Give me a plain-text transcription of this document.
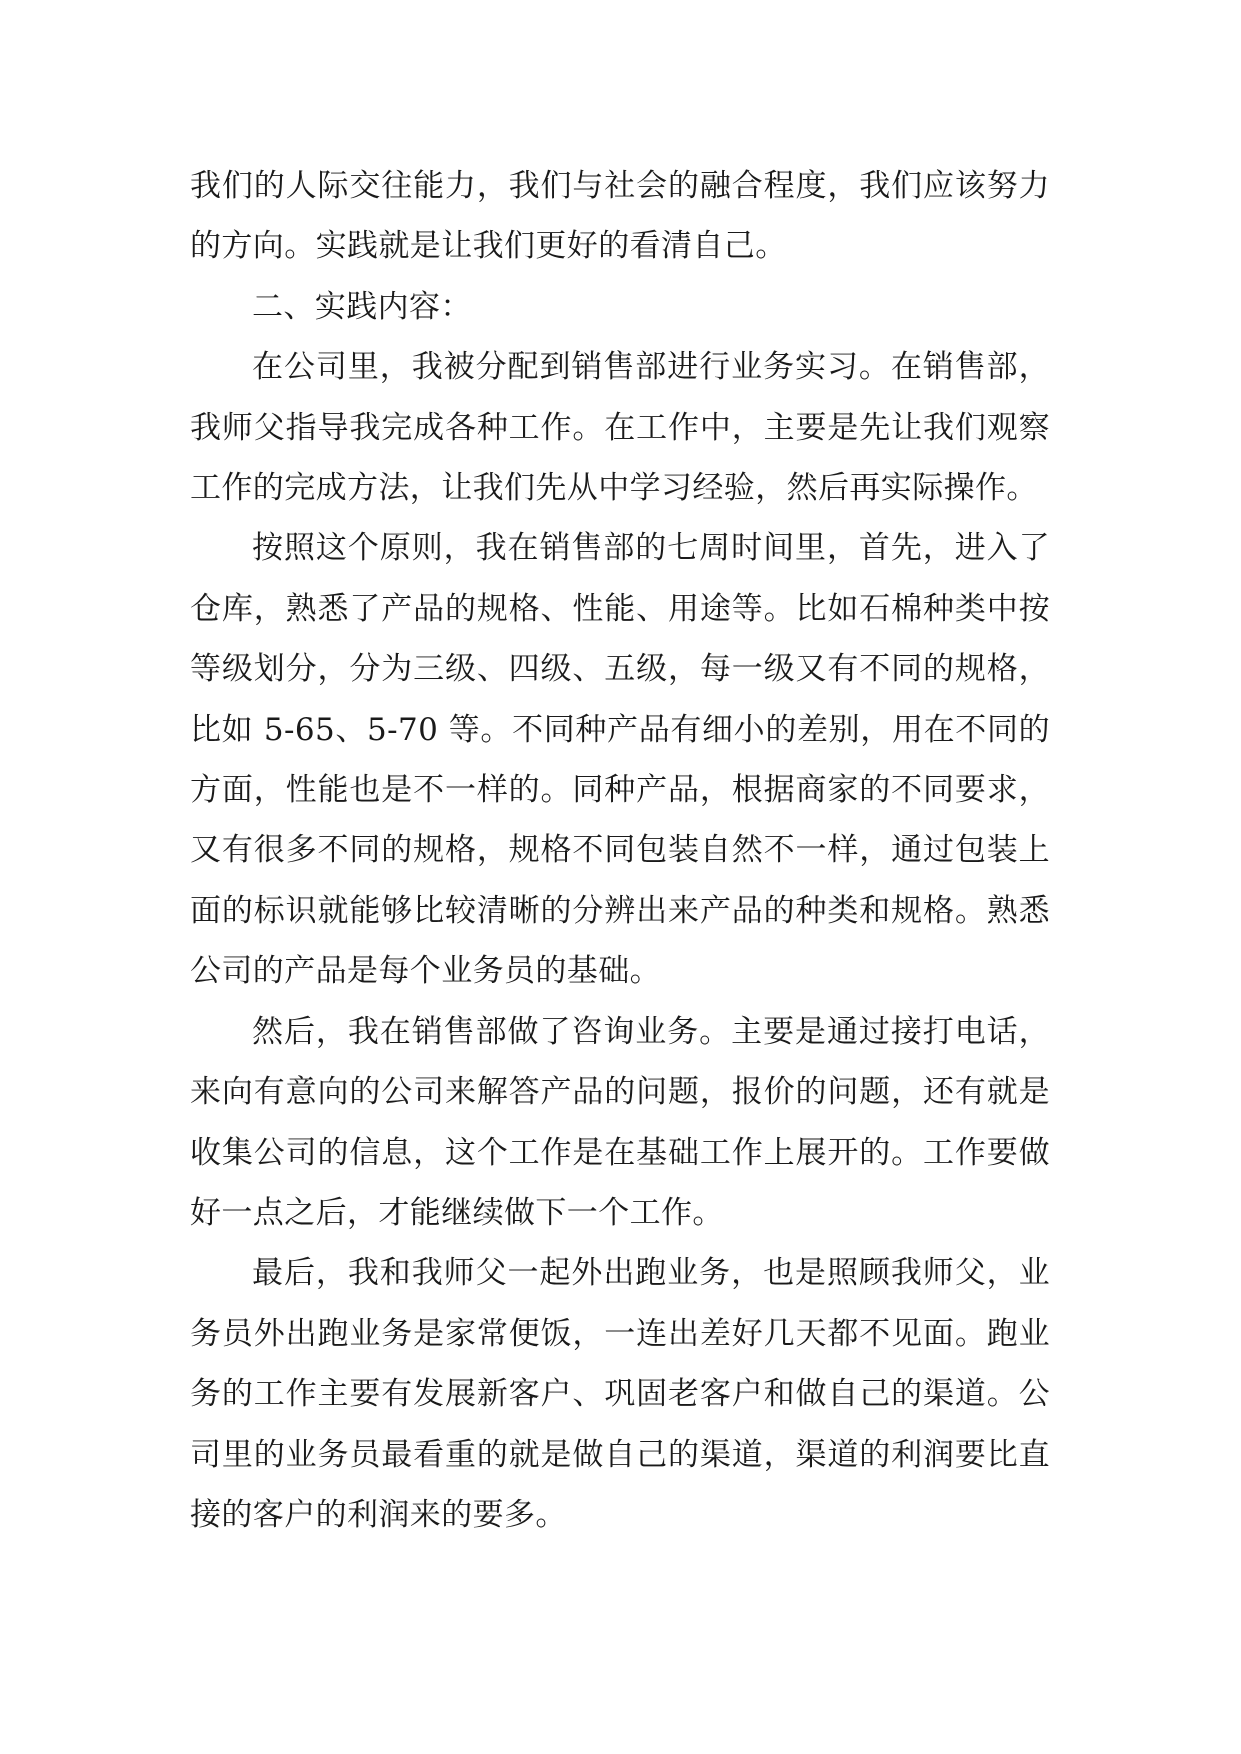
我们的人际交往能力，我们与社会的融合程度，我们应该努力的方向。实践就是让我们更好的看清自己。

二、实践内容：

在公司里，我被分配到销售部进行业务实习。在销售部，我师父指导我完成各种工作。在工作中，主要是先让我们观察工作的完成方法，让我们先从中学习经验，然后再实际操作。

按照这个原则，我在销售部的七周时间里，首先，进入了仓库，熟悉了产品的规格、性能、用途等。比如石棉种类中按等级划分，分为三级、四级、五级，每一级又有不同的规格，比如 5-65、5-70 等。不同种产品有细小的差别，用在不同的方面，性能也是不一样的。同种产品，根据商家的不同要求，又有很多不同的规格，规格不同包装自然不一样，通过包装上面的标识就能够比较清晰的分辨出来产品的种类和规格。熟悉公司的产品是每个业务员的基础。

然后，我在销售部做了咨询业务。主要是通过接打电话，来向有意向的公司来解答产品的问题，报价的问题，还有就是收集公司的信息，这个工作是在基础工作上展开的。工作要做好一点之后，才能继续做下一个工作。

最后，我和我师父一起外出跑业务，也是照顾我师父，业务员外出跑业务是家常便饭，一连出差好几天都不见面。跑业务的工作主要有发展新客户、巩固老客户和做自己的渠道。公司里的业务员最看重的就是做自己的渠道，渠道的利润要比直接的客户的利润来的要多。
